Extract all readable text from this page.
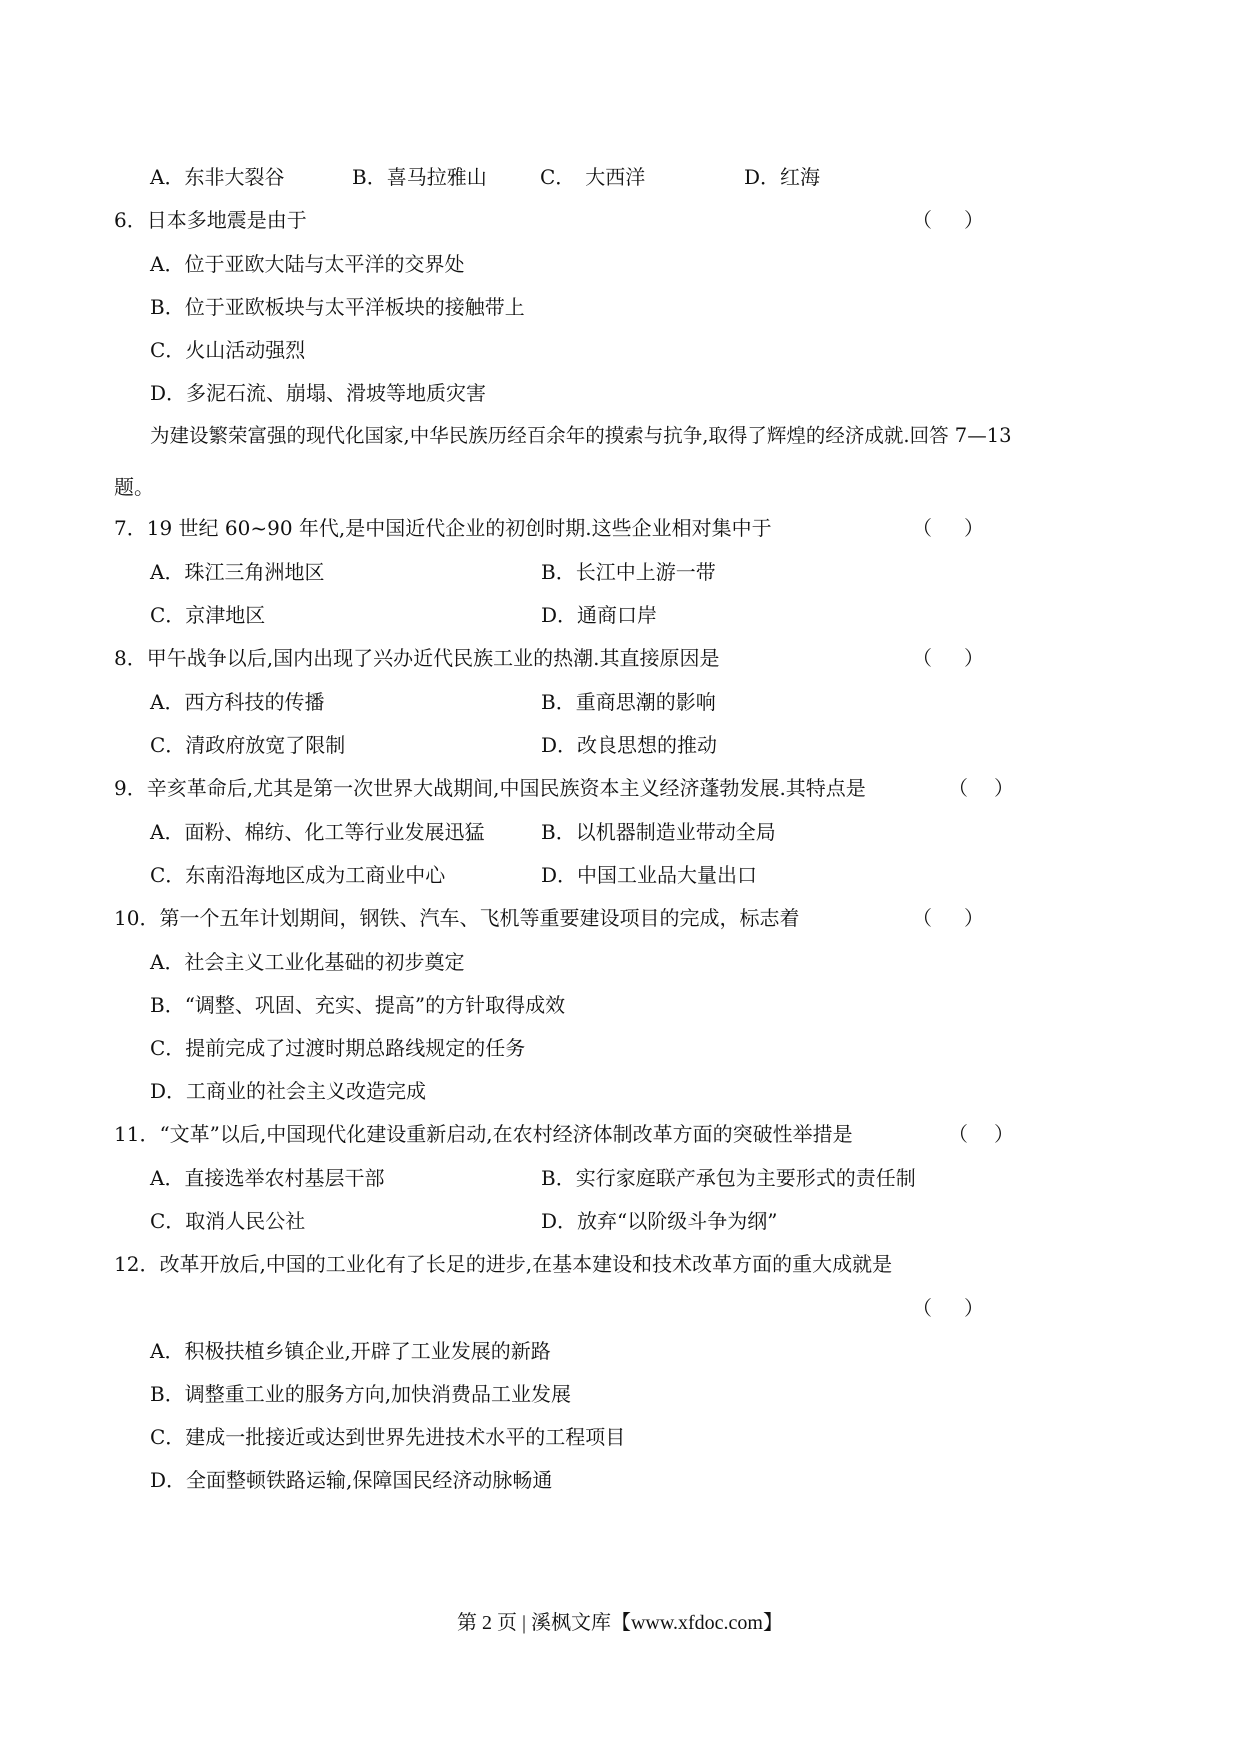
A．东非大裂谷	B．喜马拉雅山	C．　大西洋	D．红海
6．日本多地震是由于	（ ）
A．位于亚欧大陆与太平洋的交界处
B．位于亚欧板块与太平洋板块的接触带上
C．火山活动强烈
D．多泥石流、崩塌、滑坡等地质灾害
为建设繁荣富强的现代化国家,中华民族历经百余年的摸索与抗争,取得了辉煌的经济成就.回答 7—13
题。
7．19 世纪 60~90 年代,是中国近代企业的初创时期.这些企业相对集中于	（ ）
A．珠江三角洲地区	B．长江中上游一带
C．京津地区	D．通商口岸
8．甲午战争以后,国内出现了兴办近代民族工业的热潮.其直接原因是	（ ）
A．西方科技的传播	B．重商思潮的影响
C．清政府放宽了限制	D．改良思想的推动
9．辛亥革命后,尤其是第一次世界大战期间,中国民族资本主义经济蓬勃发展.其特点是	（ ）
A．面粉、棉纺、化工等行业发展迅猛	B．以机器制造业带动全局
C．东南沿海地区成为工商业中心	D．中国工业品大量出口
10．第一个五年计划期间，钢铁、汽车、飞机等重要建设项目的完成，标志着	（ ）
A．社会主义工业化基础的初步奠定
B．“调整、巩固、充实、提高”的方针取得成效
C．提前完成了过渡时期总路线规定的任务
D．工商业的社会主义改造完成
11．“文革”以后,中国现代化建设重新启动,在农村经济体制改革方面的突破性举措是	（ ）
A．直接选举农村基层干部	B．实行家庭联产承包为主要形式的责任制
C．取消人民公社	D．放弃“以阶级斗争为纲”
12．改革开放后,中国的工业化有了长足的进步,在基本建设和技术改革方面的重大成就是
（ ）
A．积极扶植乡镇企业,开辟了工业发展的新路
B．调整重工业的服务方向,加快消费品工业发展
C．建成一批接近或达到世界先进技术水平的工程项目
D．全面整顿铁路运输,保障国民经济动脉畅通
第 2 页 | 溪枫文库【www.xfdoc.com】
